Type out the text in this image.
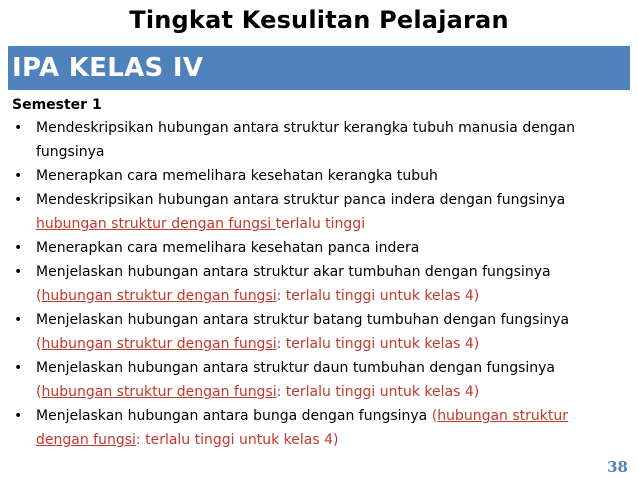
Tingkat Kesulitan Pelajaran
IPA KELAS IV
Semester 1
• Mendeskripsikan hubungan antara struktur kerangka tubuh manusia dengan
fungsinya
• Menerapkan cara memelihara kesehatan kerangka tubuh
• Mendeskripsikan hubungan antara struktur panca indera dengan fungsinya
hubungan struktur dengan fungsi terlalu tinggi
• Menerapkan cara memelihara kesehatan panca indera
• Menjelaskan hubungan antara struktur akar tumbuhan dengan fungsinya
(hubungan struktur dengan fungsi: terlalu tinggi untuk kelas 4)
• Menjelaskan hubungan antara struktur batang tumbuhan dengan fungsinya
(hubungan struktur dengan fungsi: terlalu tinggi untuk kelas 4)
• Menjelaskan hubungan antara struktur daun tumbuhan dengan fungsinya
(hubungan struktur dengan fungsi: terlalu tinggi untuk kelas 4)
• Menjelaskan hubungan antara bunga dengan fungsinya (hubungan struktur
dengan fungsi: terlalu tinggi untuk kelas 4)
38
